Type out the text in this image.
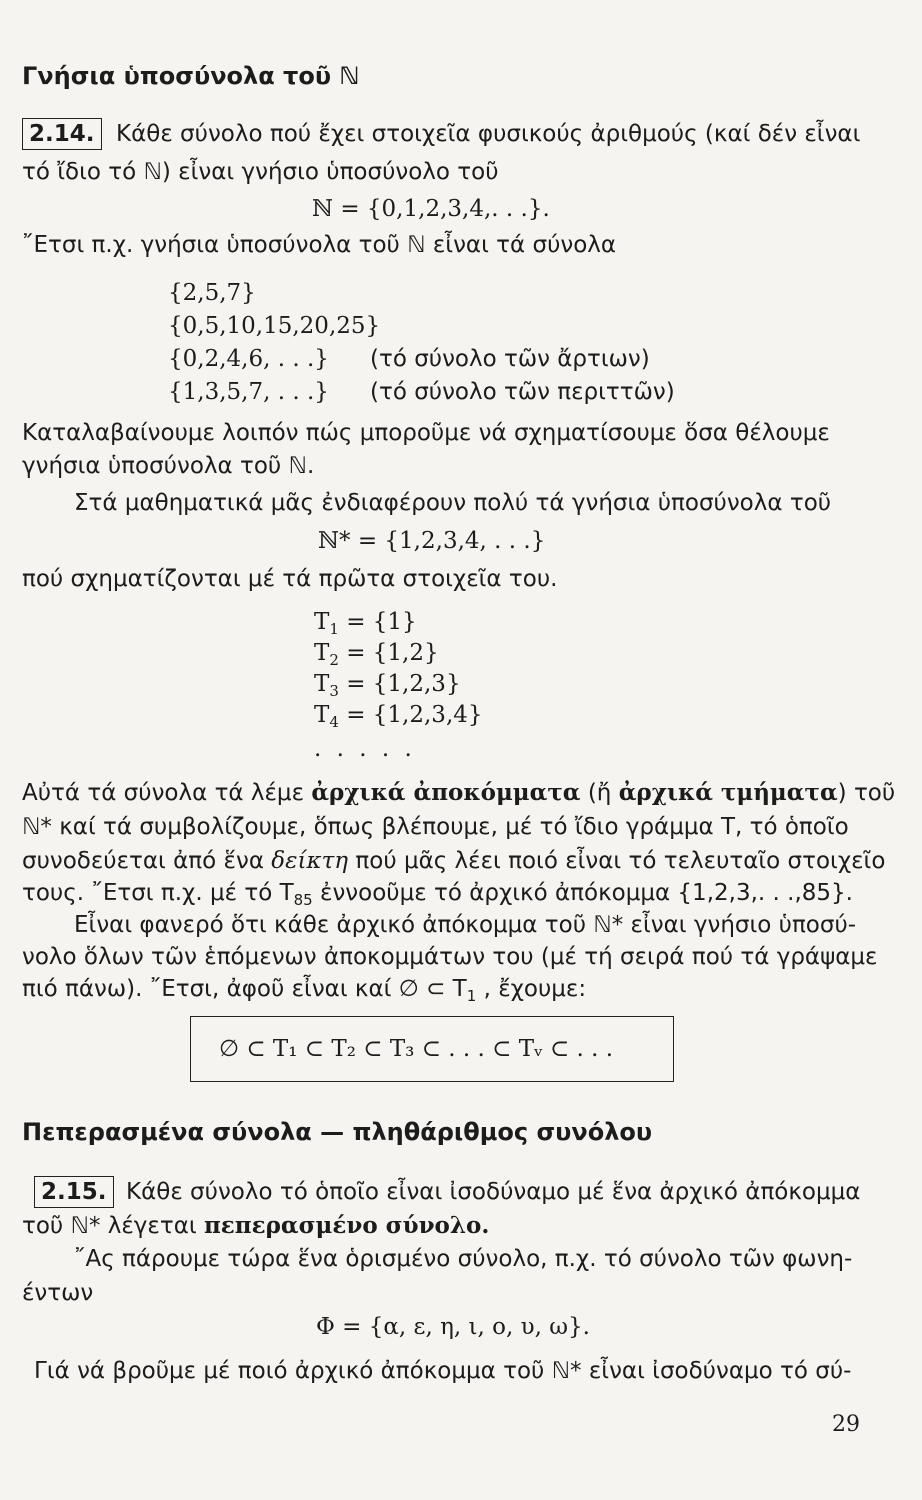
Γνήσια ὑποσύνολα τοῦ ℕ
2.14. Κάθε σύνολο πού ἔχει στοιχεῖα φυσικούς ἀριθμούς (καί δέν εἶναι
τό ἴδιο τό ℕ) εἶναι γνήσιο ὑποσύνολο τοῦ
ℕ = {0,1,2,3,4,. . .}.
῎Ετσι π.χ. γνήσια ὑποσύνολα τοῦ ℕ εἶναι τά σύνολα
{2,5,7}
{0,5,10,15,20,25}
{0,2,4,6, . . .} (τό σύνολο τῶν ἄρτιων)
{1,3,5,7, . . .} (τό σύνολο τῶν περιττῶν)
Καταλαβαίνουμε λοιπόν πώς μποροῦμε νά σχηματίσουμε ὅσα θέλουμε
γνήσια ὑποσύνολα τοῦ ℕ.
Στά μαθηματικά μᾶς ἐνδιαφέρουν πολύ τά γνήσια ὑποσύνολα τοῦ
ℕ* = {1,2,3,4, . . .}
πού σχηματίζονται μέ τά πρῶτα στοιχεῖα του.
$T_1 = \{1\}$
$T_2 = \{1,2\}$
$T_3 = \{1,2,3\}$
$T_4 = \{1,2,3,4\}$
. . . . .
Αὐτά τά σύνολα τά λέμε ἀρχικά ἀποκόμματα (ἤ ἀρχικά τμήματα) τοῦ
ℕ* καί τά συμβολίζουμε, ὅπως βλέπουμε, μέ τό ἴδιο γράμμα T, τό ὁποῖο
συνοδεύεται ἀπό ἕνα δείκτη πού μᾶς λέει ποιό εἶναι τό τελευταῖο στοιχεῖο
τους. ῎Ετσι π.χ. μέ τό $T_{85}$ ἐννοοῦμε τό ἀρχικό ἀπόκομμα {1,2,3,. . .,85}.
Εἶναι φανερό ὅτι κάθε ἀρχικό ἀπόκομμα τοῦ ℕ* εἶναι γνήσιο ὑποσύ-
νολο ὅλων τῶν ἑπόμενων ἀποκομμάτων του (μέ τή σειρά πού τά γράψαμε
πιό πάνω). ῎Ετσι, ἀφοῦ εἶναι καί ∅ ⊂ $T_1$ , ἔχουμε:
∅ ⊂ T₁ ⊂ T₂ ⊂ T₃ ⊂ . . . ⊂ Tᵥ ⊂ . . .
Πεπερασμένα σύνολα — πληθάριθμος συνόλου
2.15. Κάθε σύνολο τό ὁποῖο εἶναι ἰσοδύναμο μέ ἕνα ἀρχικό ἀπόκομμα
τοῦ ℕ* λέγεται πεπερασμένο σύνολο.
῎Ας πάρουμε τώρα ἕνα ὁρισμένο σύνολο, π.χ. τό σύνολο τῶν φωνη-
έντων
Φ = {α, ε, η, ι, ο, υ, ω}.
Γιά νά βροῦμε μέ ποιό ἀρχικό ἀπόκομμα τοῦ ℕ* εἶναι ἰσοδύναμο τό σύ-
29
